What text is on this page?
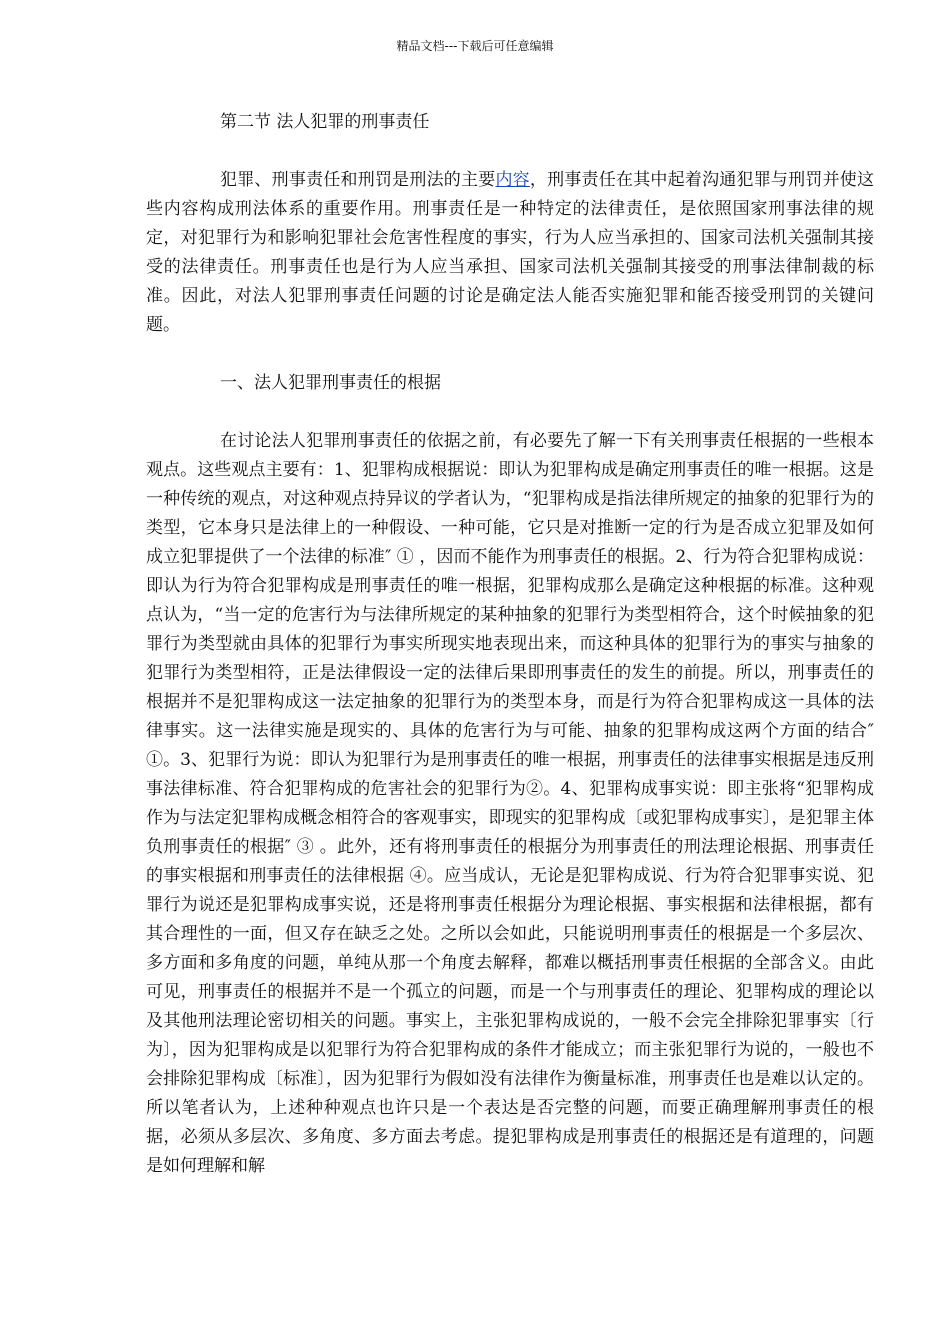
精品文档---下载后可任意编辑

第二节 法人犯罪的刑事责任

犯罪、刑事责任和刑罚是刑法的主要内容，刑事责任在其中起着沟通犯罪与刑罚并使这些内容构成刑法体系的重要作用。刑事责任是一种特定的法律责任，是依照国家刑事法律的规定，对犯罪行为和影响犯罪社会危害性程度的事实，行为人应当承担的、国家司法机关强制其接受的法律责任。刑事责任也是行为人应当承担、国家司法机关强制其接受的刑事法律制裁的标准。因此，对法人犯罪刑事责任问题的讨论是确定法人能否实施犯罪和能否接受刑罚的关键问题。

一、法人犯罪刑事责任的根据

在讨论法人犯罪刑事责任的依据之前，有必要先了解一下有关刑事责任根据的一些根本观点。这些观点主要有：1、犯罪构成根据说：即认为犯罪构成是确定刑事责任的唯一根据。这是一种传统的观点，对这种观点持异议的学者认为，“犯罪构成是指法律所规定的抽象的犯罪行为的类型，它本身只是法律上的一种假设、一种可能，它只是对推断一定的行为是否成立犯罪及如何成立犯罪提供了一个法律的标准″ ① ，因而不能作为刑事责任的根据。2、行为符合犯罪构成说：即认为行为符合犯罪构成是刑事责任的唯一根据，犯罪构成那么是确定这种根据的标准。这种观点认为，“当一定的危害行为与法律所规定的某种抽象的犯罪行为类型相符合，这个时候抽象的犯罪行为类型就由具体的犯罪行为事实所现实地表现出来，而这种具体的犯罪行为的事实与抽象的犯罪行为类型相符，正是法律假设一定的法律后果即刑事责任的发生的前提。所以，刑事责任的根据并不是犯罪构成这一法定抽象的犯罪行为的类型本身，而是行为符合犯罪构成这一具体的法律事实。这一法律实施是现实的、具体的危害行为与可能、抽象的犯罪构成这两个方面的结合″ ①。3、犯罪行为说：即认为犯罪行为是刑事责任的唯一根据，刑事责任的法律事实根据是违反刑事法律标准、符合犯罪构成的危害社会的犯罪行为②。4、犯罪构成事实说：即主张将“犯罪构成作为与法定犯罪构成概念相符合的客观事实，即现实的犯罪构成〔或犯罪构成事实〕，是犯罪主体负刑事责任的根据″ ③ 。此外，还有将刑事责任的根据分为刑事责任的刑法理论根据、刑事责任的事实根据和刑事责任的法律根据 ④。应当成认，无论是犯罪构成说、行为符合犯罪事实说、犯罪行为说还是犯罪构成事实说，还是将刑事责任根据分为理论根据、事实根据和法律根据，都有其合理性的一面，但又存在缺乏之处。之所以会如此，只能说明刑事责任的根据是一个多层次、多方面和多角度的问题，单纯从那一个角度去解释，都难以概括刑事责任根据的全部含义。由此可见，刑事责任的根据并不是一个孤立的问题，而是一个与刑事责任的理论、犯罪构成的理论以及其他刑法理论密切相关的问题。事实上，主张犯罪构成说的，一般不会完全排除犯罪事实〔行为〕，因为犯罪构成是以犯罪行为符合犯罪构成的条件才能成立；而主张犯罪行为说的，一般也不会排除犯罪构成〔标准〕，因为犯罪行为假如没有法律作为衡量标准，刑事责任也是难以认定的。所以笔者认为，上述种种观点也许只是一个表达是否完整的问题，而要正确理解刑事责任的根据，必须从多层次、多角度、多方面去考虑。提犯罪构成是刑事责任的根据还是有道理的，问题是如何理解和解
